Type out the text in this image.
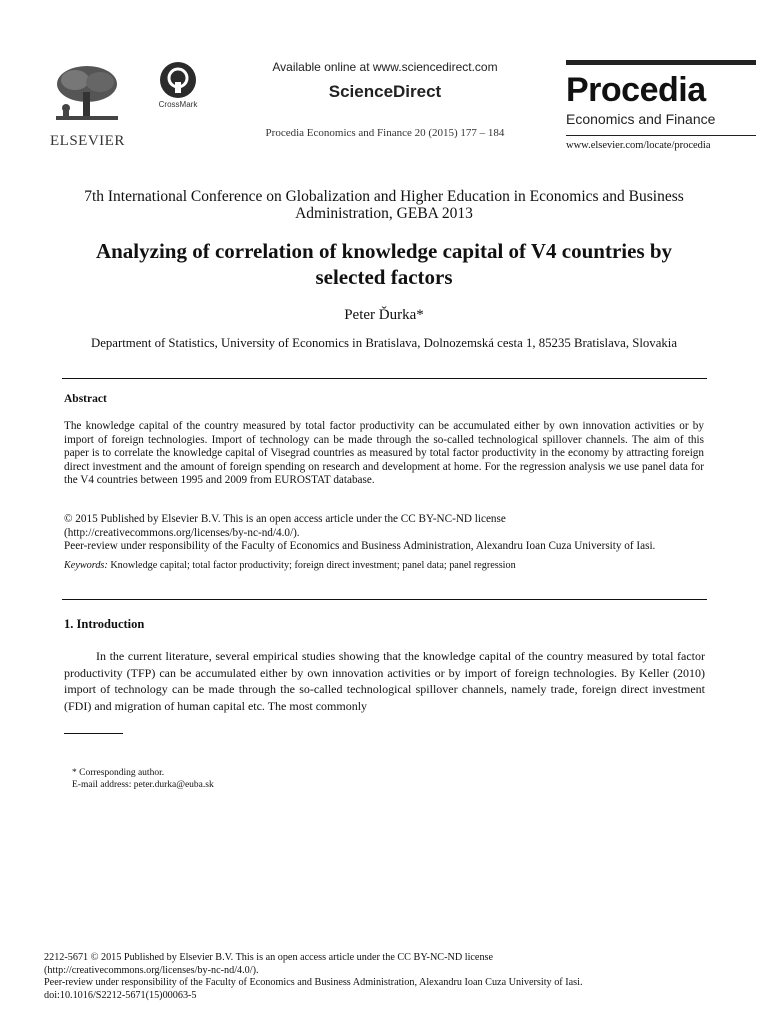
ELSEVIER
CrossMark
Available online at www.sciencedirect.com
ScienceDirect
Procedia Economics and Finance 20 (2015) 177 – 184
Procedia
Economics and Finance
www.elsevier.com/locate/procedia
7th International Conference on Globalization and Higher Education in Economics and Business
Administration, GEBA 2013
Analyzing of correlation of knowledge capital of V4 countries by
selected factors
Peter Ďurka*
Department of Statistics, University of Economics in Bratislava, Dolnozemská cesta 1, 85235 Bratislava, Slovakia
Abstract
The knowledge capital of the country measured by total factor productivity can be accumulated either by own innovation activities or by import of foreign technologies. Import of technology can be made through the so-called technological spillover channels. The aim of this paper is to correlate the knowledge capital of Visegrad countries as measured by total factor productivity in the economy by attracting foreign direct investment and the amount of foreign spending on research and development at home. For the regression analysis we use panel data for the V4 countries between 1995 and 2009 from EUROSTAT database.
© 2015 Published by Elsevier B.V. This is an open access article under the CC BY-NC-ND license
(http://creativecommons.org/licenses/by-nc-nd/4.0/).
Peer-review under responsibility of the Faculty of Economics and Business Administration, Alexandru Ioan Cuza University of Iasi.
Keywords: Knowledge capital; total factor productivity; foreign direct investment; panel data; panel regression
1. Introduction
In the current literature, several empirical studies showing that the knowledge capital of the country measured by total factor productivity (TFP) can be accumulated either by own innovation activities or by import of foreign technologies. By Keller (2010) import of technology can be made through the so-called technological spillover channels, namely trade, foreign direct investment (FDI) and migration of human capital etc. The most commonly
* Corresponding author.
E-mail address: peter.durka@euba.sk
2212-5671 © 2015 Published by Elsevier B.V. This is an open access article under the CC BY-NC-ND license
(http://creativecommons.org/licenses/by-nc-nd/4.0/).
Peer-review under responsibility of the Faculty of Economics and Business Administration, Alexandru Ioan Cuza University of Iasi.
doi:10.1016/S2212-5671(15)00063-5
